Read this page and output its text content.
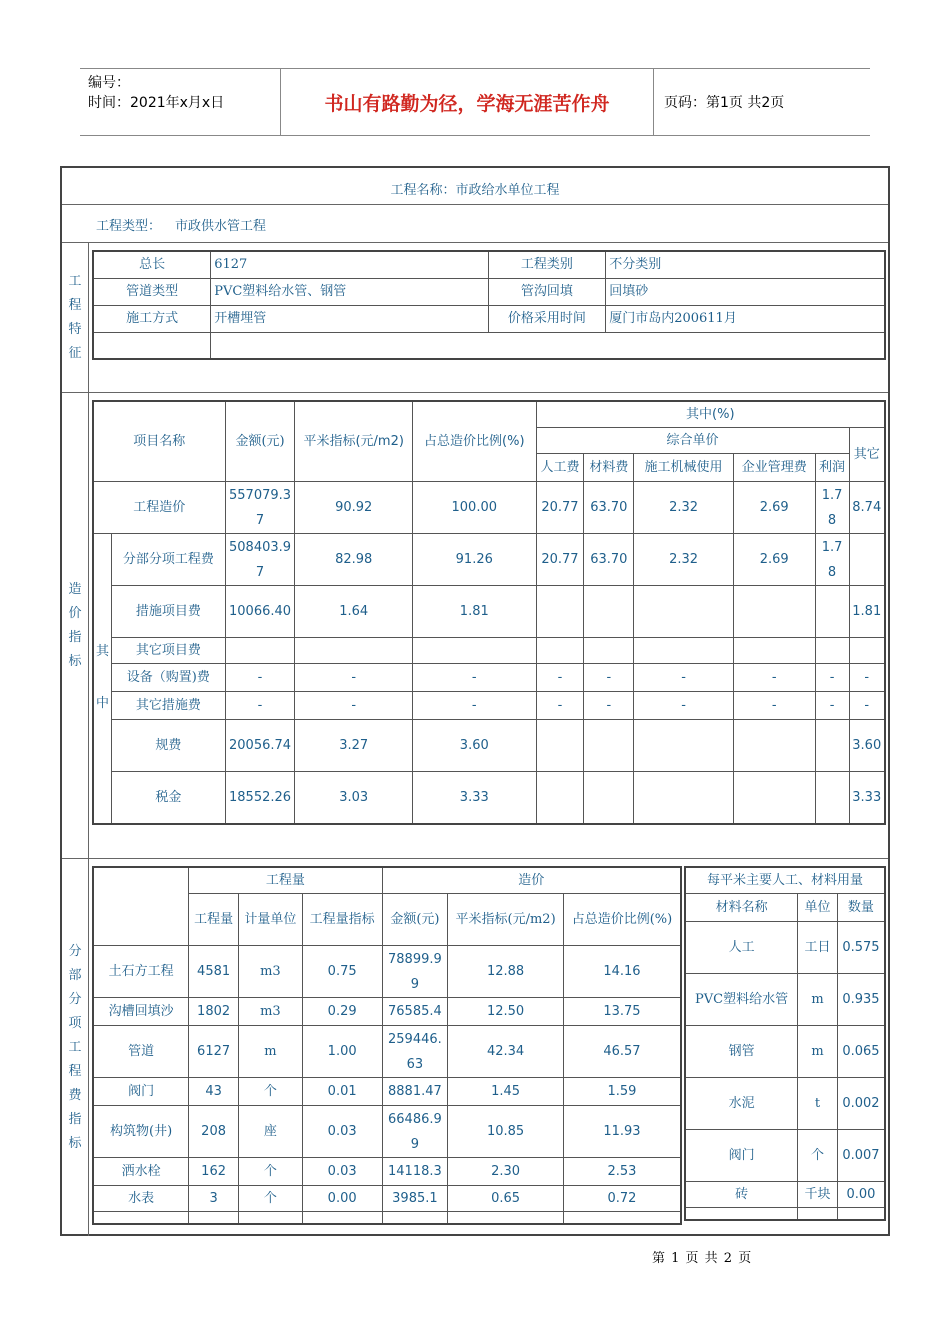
编号：
时间：2021年x月x日	书山有路勤为径，学海无涯苦作舟	页码：第1页 共2页
工程名称：市政给水单位工程
工程类型： 市政供水管工程
工
程
特
征
总长	6127	工程类别	不分类别
管道类型	PVC塑料给水管、钢管	管沟回填	回填砂
施工方式	开槽埋管	价格采用时间	厦门市岛内200611月

造
价
指
标
项目名称		金额(元)	平米指标(元/m2)	占总造价比例(%)	其中(%)					
					综合单价					其它
					人工费	材料费	施工机械使用	企业管理费	利润	
工程造价		557079.37	90.92	100.00	20.77	63.70	2.32	2.69	1.78	8.74
其

中	分部分项工程费	508403.97	82.98	91.26	20.77	63.70	2.32	2.69	1.78	
	措施项目费	10066.40	1.64	1.81						1.81
	其它项目费									
	设备（购置)费	-	-	-	-	-	-	-	-	-
	其它措施费	-	-	-	-	-	-	-	-	-
	规费	20056.74	3.27	3.60						3.60
	税金	18552.26	3.03	3.33						3.33
分
部
分
项
工
程
费
指
标
	工程量			造价		
	工程量	计量单位	工程量指标	金额(元)	平米指标(元/m2)	占总造价比例(%)
土石方工程	4581	m3	0.75	78899.99	12.88	14.16
沟槽回填沙	1802	m3	0.29	76585.4	12.50	13.75
管道	6127	m	1.00	259446.63	42.34	46.57
阀门	43	个	0.01	8881.47	1.45	1.59
构筑物(井)	208	座	0.03	66486.99	10.85	11.93
洒水栓	162	个	0.03	14118.3	2.30	2.53
水表	3	个	0.00	3985.1	0.65	0.72

每平米主要人工、材料用量		
材料名称	单位	数量
人工	工日	0.575
PVC塑料给水管	m	0.935
钢管	m	0.065
水泥	t	0.002
阀门	个	0.007
砖	千块	0.00

第 1 页 共 2 页
